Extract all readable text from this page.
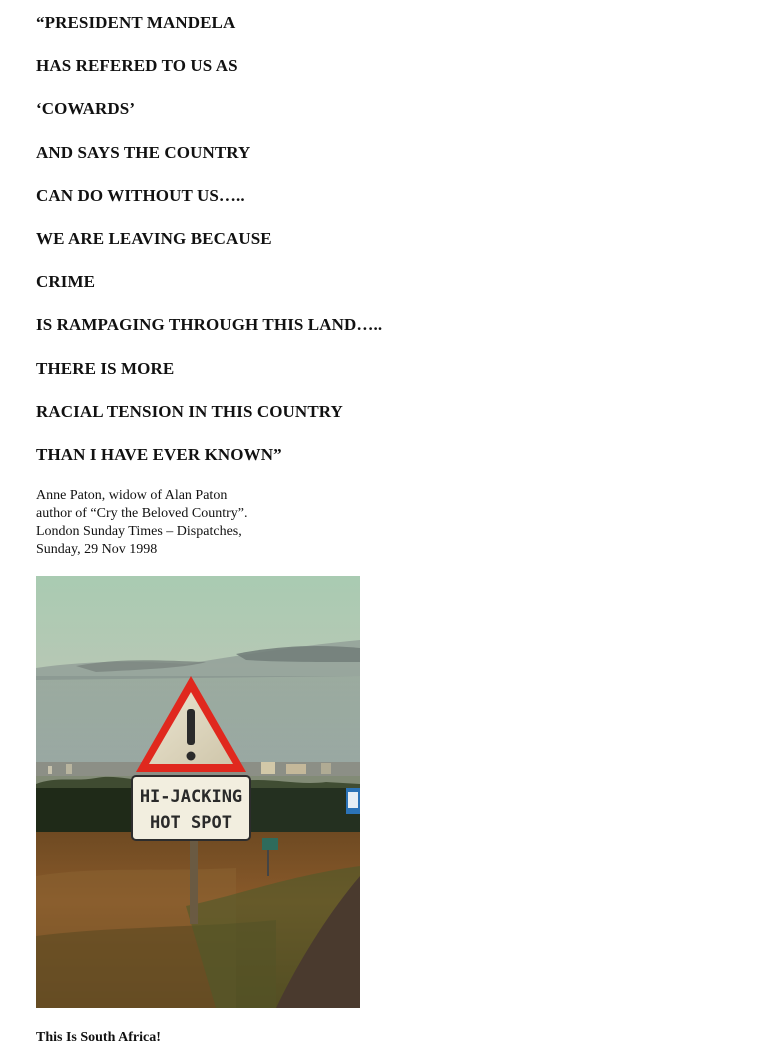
“PRESIDENT MANDELA
HAS REFERED TO US AS
‘COWARDS’
AND SAYS THE COUNTRY
CAN DO WITHOUT US…..
WE ARE LEAVING BECAUSE
CRIME
IS RAMPAGING THROUGH THIS LAND…..
THERE IS MORE
RACIAL TENSION IN THIS COUNTRY
THAN I HAVE EVER KNOWN”
Anne Paton, widow of Alan Paton
author of “Cry the Beloved Country”.
London Sunday Times – Dispatches,
Sunday, 29 Nov 1998
HI-JACKING
HOT SPOT
This Is South Africa!
